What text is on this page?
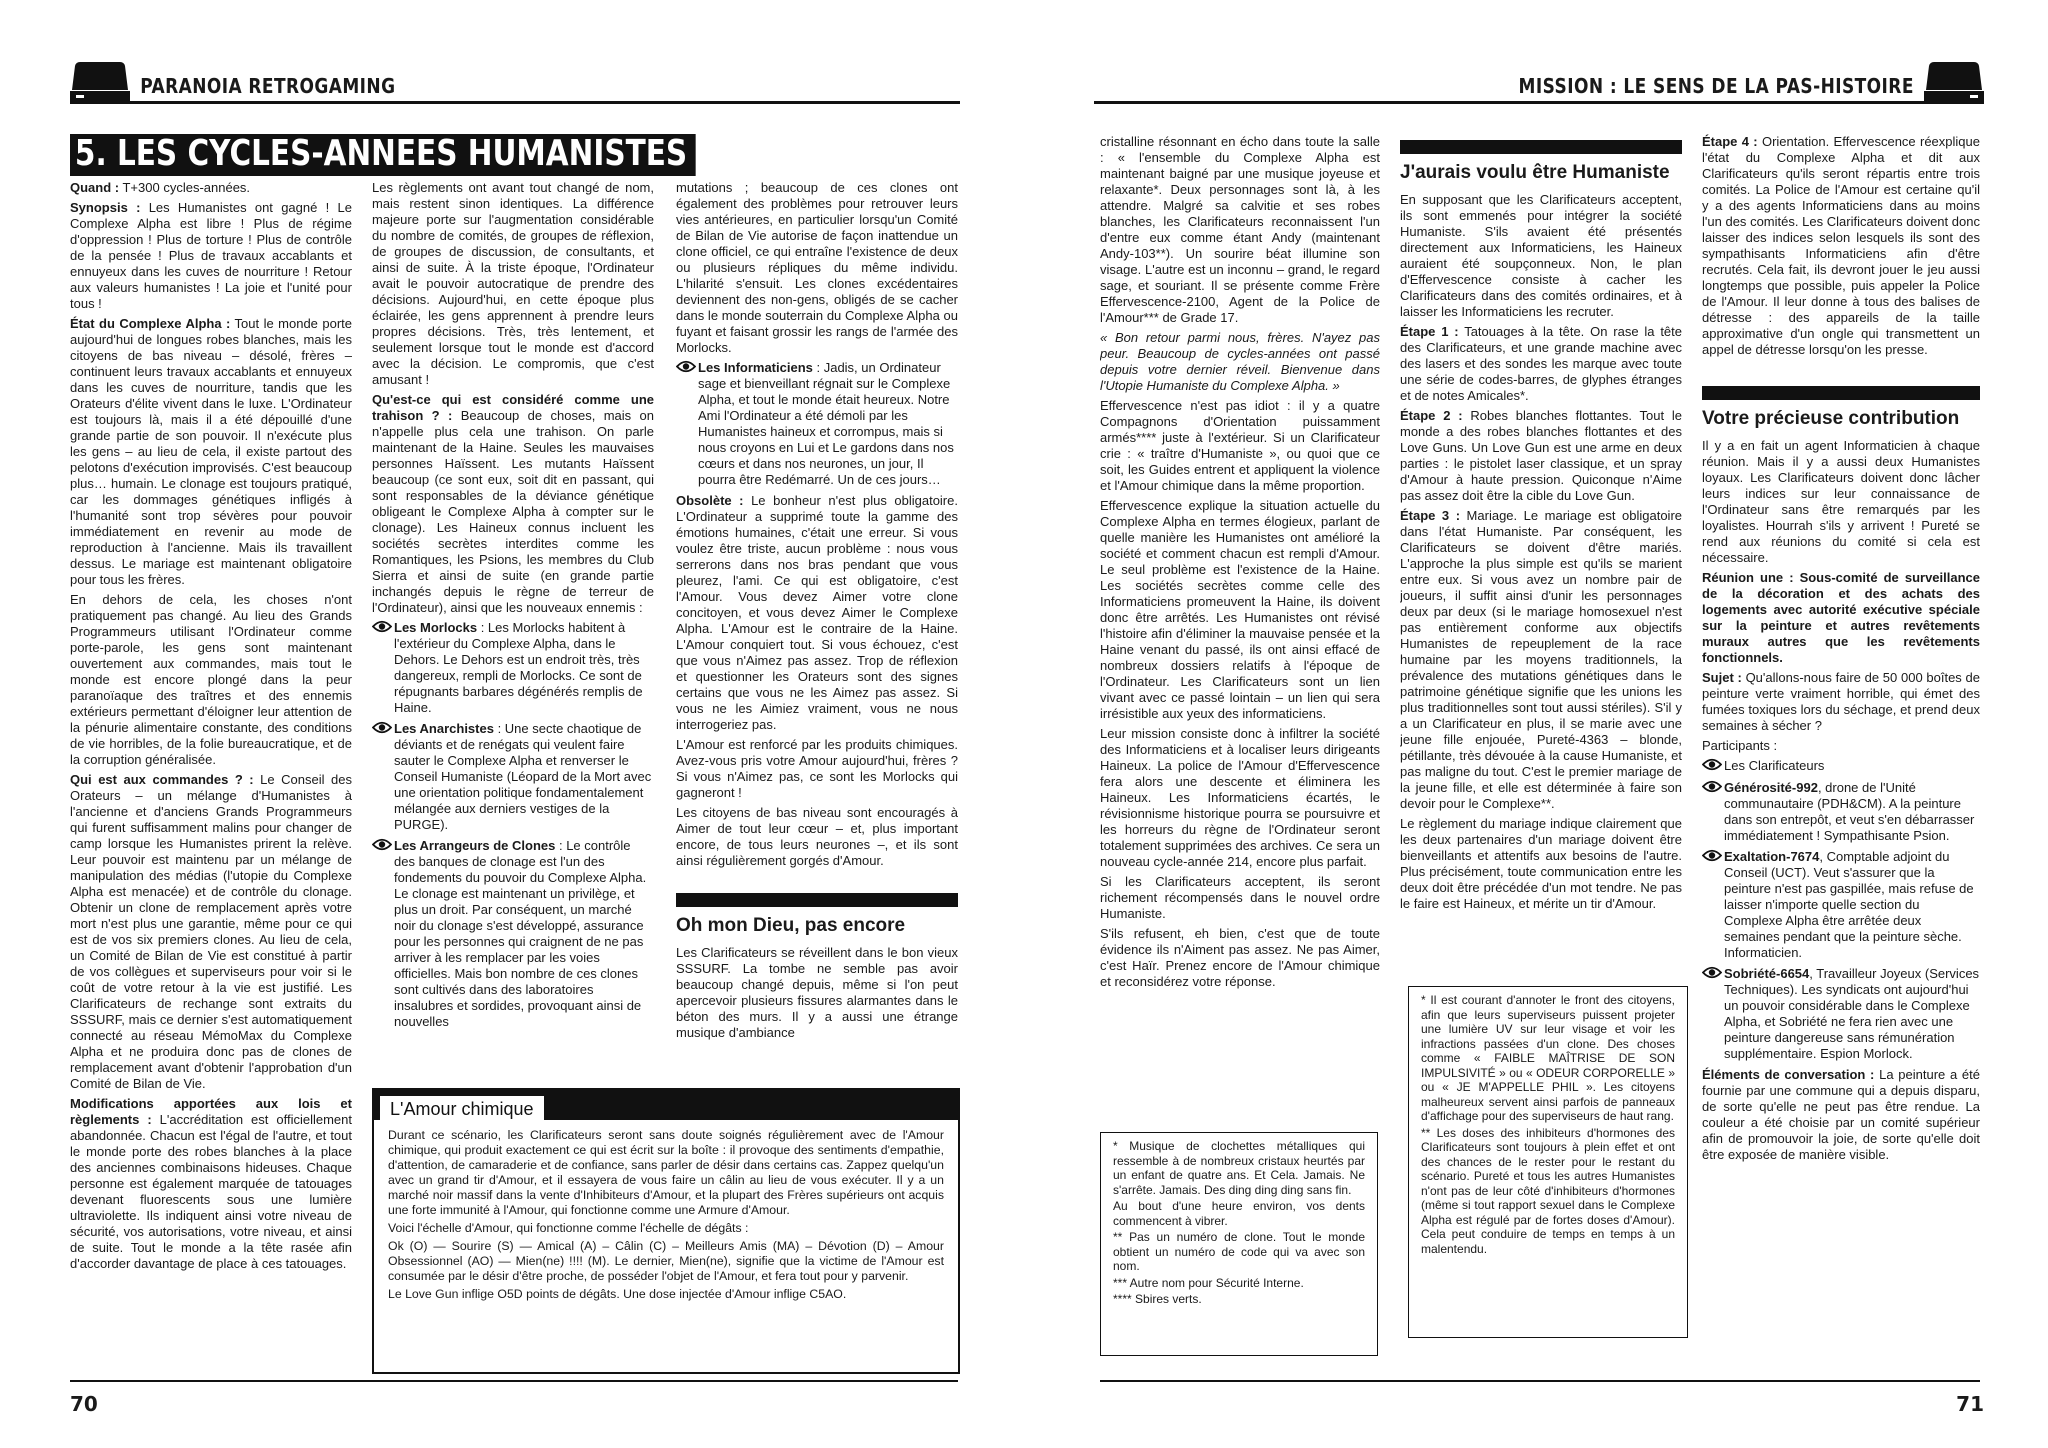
PARANOIA RETROGAMING
5. LES CYCLES-ANNEES HUMANISTES

Quand : T+300 cycles-années.

Synopsis : Les Humanistes ont gagné ! Le Complexe Alpha est libre ! Plus de régime d'oppression ! Plus de torture ! Plus de contrôle de la pensée ! Plus de travaux accablants et ennuyeux dans les cuves de nourriture ! Retour aux valeurs humanistes ! La joie et l'unité pour tous !

État du Complexe Alpha : Tout le monde porte aujourd'hui de longues robes blanches, mais les citoyens de bas niveau – désolé, frères – continuent leurs travaux accablants et ennuyeux dans les cuves de nourriture, tandis que les Orateurs d'élite vivent dans le luxe. L'Ordinateur est toujours là, mais il a été dépouillé d'une grande partie de son pouvoir. Il n'exécute plus les gens – au lieu de cela, il existe partout des pelotons d'exécution improvisés. C'est beaucoup plus… humain. Le clonage est toujours pratiqué, car les dommages génétiques infligés à l'humanité sont trop sévères pour pouvoir immédiatement en revenir au mode de reproduction à l'ancienne. Mais ils travaillent dessus. Le mariage est maintenant obligatoire pour tous les frères.

En dehors de cela, les choses n'ont pratiquement pas changé. Au lieu des Grands Programmeurs utilisant l'Ordinateur comme porte-parole, les gens sont maintenant ouvertement aux commandes, mais tout le monde est encore plongé dans la peur paranoïaque des traîtres et des ennemis extérieurs permettant d'éloigner leur attention de la pénurie alimentaire constante, des conditions de vie horribles, de la folie bureaucratique, et de la corruption généralisée.

Qui est aux commandes ? : Le Conseil des Orateurs – un mélange d'Humanistes à l'ancienne et d'anciens Grands Programmeurs qui furent suffisamment malins pour changer de camp lorsque les Humanistes prirent la relève. Leur pouvoir est maintenu par un mélange de manipulation des médias (l'utopie du Complexe Alpha est menacée) et de contrôle du clonage. Obtenir un clone de remplacement après votre mort n'est plus une garantie, même pour ce qui est de vos six premiers clones. Au lieu de cela, un Comité de Bilan de Vie est constitué à partir de vos collègues et superviseurs pour voir si le coût de votre retour à la vie est justifié. Les Clarificateurs de rechange sont extraits du SSSURF, mais ce dernier s'est automatiquement connecté au réseau MémoMax du Complexe Alpha et ne produira donc pas de clones de remplacement avant d'obtenir l'approbation d'un Comité de Bilan de Vie.

Modifications apportées aux lois et règlements : L'accréditation est officiellement abandonnée. Chacun est l'égal de l'autre, et tout le monde porte des robes blanches à la place des anciennes combinaisons hideuses. Chaque personne est également marquée de tatouages devenant fluorescents sous une lumière ultraviolette. Ils indiquent ainsi votre niveau de sécurité, vos autorisations, votre niveau, et ainsi de suite. Tout le monde a la tête rasée afin d'accorder davantage de place à ces tatouages.

Les règlements ont avant tout changé de nom, mais restent sinon identiques. La différence majeure porte sur l'augmentation considérable du nombre de comités, de groupes de réflexion, de groupes de discussion, de consultants, et ainsi de suite. À la triste époque, l'Ordinateur avait le pouvoir autocratique de prendre des décisions. Aujourd'hui, en cette époque plus éclairée, les gens apprennent à prendre leurs propres décisions. Très, très lentement, et seulement lorsque tout le monde est d'accord avec la décision. Le compromis, que c'est amusant !

Qu'est-ce qui est considéré comme une trahison ? : Beaucoup de choses, mais on n'appelle plus cela une trahison. On parle maintenant de la Haine. Seules les mauvaises personnes Haïssent. Les mutants Haïssent beaucoup (ce sont eux, soit dit en passant, qui sont responsables de la déviance génétique obligeant le Complexe Alpha à compter sur le clonage). Les Haineux connus incluent les sociétés secrètes interdites comme les Romantiques, les Psions, les membres du Club Sierra et ainsi de suite (en grande partie inchangés depuis le règne de terreur de l'Ordinateur), ainsi que les nouveaux ennemis :

Les Morlocks : Les Morlocks habitent à l'extérieur du Complexe Alpha, dans le Dehors. Le Dehors est un endroit très, très dangereux, rempli de Morlocks. Ce sont de répugnants barbares dégénérés remplis de Haine.
Les Anarchistes : Une secte chaotique de déviants et de renégats qui veulent faire sauter le Complexe Alpha et renverser le Conseil Humaniste (Léopard de la Mort avec une orientation politique fondamentalement mélangée aux derniers vestiges de la PURGE).
Les Arrangeurs de Clones : Le contrôle des banques de clonage est l'un des fondements du pouvoir du Complexe Alpha. Le clonage est maintenant un privilège, et plus un droit. Par conséquent, un marché noir du clonage s'est développé, assurance pour les personnes qui craignent de ne pas arriver à les remplacer par les voies officielles. Mais bon nombre de ces clones sont cultivés dans des laboratoires insalubres et sordides, provoquant ainsi de nouvelles

mutations ; beaucoup de ces clones ont également des problèmes pour retrouver leurs vies antérieures, en particulier lorsqu'un Comité de Bilan de Vie autorise de façon inattendue un clone officiel, ce qui entraîne l'existence de deux ou plusieurs répliques du même individu. L'hilarité s'ensuit. Les clones excédentaires deviennent des non-gens, obligés de se cacher dans le monde souterrain du Complexe Alpha ou fuyant et faisant grossir les rangs de l'armée des Morlocks.

Les Informaticiens : Jadis, un Ordinateur sage et bienveillant régnait sur le Complexe Alpha, et tout le monde était heureux. Notre Ami l'Ordinateur a été démoli par les Humanistes haineux et corrompus, mais si nous croyons en Lui et Le gardons dans nos cœurs et dans nos neurones, un jour, Il pourra être Redémarré. Un de ces jours…

Obsolète : Le bonheur n'est plus obligatoire. L'Ordinateur a supprimé toute la gamme des émotions humaines, c'était une erreur. Si vous voulez être triste, aucun problème : nous vous serrerons dans nos bras pendant que vous pleurez, l'ami. Ce qui est obligatoire, c'est l'Amour. Vous devez Aimer votre clone concitoyen, et vous devez Aimer le Complexe Alpha. L'Amour est le contraire de la Haine. L'Amour conquiert tout. Si vous échouez, c'est que vous n'Aimez pas assez. Trop de réflexion et questionner les Orateurs sont des signes certains que vous ne les Aimez pas assez. Si vous ne les Aimiez vraiment, vous ne nous interrogeriez pas.

L'Amour est renforcé par les produits chimiques. Avez-vous pris votre Amour aujourd'hui, frères ? Si vous n'Aimez pas, ce sont les Morlocks qui gagneront !

Les citoyens de bas niveau sont encouragés à Aimer de tout leur cœur – et, plus important encore, de tous leurs neurones –, et ils sont ainsi régulièrement gorgés d'Amour.

Oh mon Dieu, pas encore

Les Clarificateurs se réveillent dans le bon vieux SSSURF. La tombe ne semble pas avoir beaucoup changé depuis, même si l'on peut apercevoir plusieurs fissures alarmantes dans le béton des murs. Il y a aussi une étrange musique d'ambiance

L'Amour chimique

Durant ce scénario, les Clarificateurs seront sans doute soignés régulièrement avec de l'Amour chimique, qui produit exactement ce qui est écrit sur la boîte : il provoque des sentiments d'empathie, d'attention, de camaraderie et de confiance, sans parler de désir dans certains cas. Zappez quelqu'un avec un grand tir d'Amour, et il essayera de vous faire un câlin au lieu de vous exécuter. Il y a un marché noir massif dans la vente d'Inhibiteurs d'Amour, et la plupart des Frères supérieurs ont acquis une forte immunité à l'Amour, qui fonctionne comme une Armure d'Amour.

Voici l'échelle d'Amour, qui fonctionne comme l'échelle de dégâts :

Ok (O) — Sourire (S) — Amical (A) – Câlin (C) – Meilleurs Amis (MA) – Dévotion (D) – Amour Obsessionnel (AO) — Mien(ne) !!!! (M). Le dernier, Mien(ne), signifie que la victime de l'Amour est consumée par le désir d'être proche, de posséder l'objet de l'Amour, et fera tout pour y parvenir.

Le Love Gun inflige O5D points de dégâts. Une dose injectée d'Amour inflige C5AO.

70
MISSION : LE SENS DE LA PAS-HISTOIRE

cristalline résonnant en écho dans toute la salle : « l'ensemble du Complexe Alpha est maintenant baigné par une musique joyeuse et relaxante*. Deux personnages sont là, à les attendre. Malgré sa calvitie et ses robes blanches, les Clarificateurs reconnaissent l'un d'entre eux comme étant Andy (maintenant Andy-103**). Un sourire béat illumine son visage. L'autre est un inconnu – grand, le regard sage, et souriant. Il se présente comme Frère Effervescence-2100, Agent de la Police de l'Amour*** de Grade 17.

« Bon retour parmi nous, frères. N'ayez pas peur. Beaucoup de cycles-années ont passé depuis votre dernier réveil. Bienvenue dans l'Utopie Humaniste du Complexe Alpha. »

Effervescence n'est pas idiot : il y a quatre Compagnons d'Orientation puissamment armés**** juste à l'extérieur. Si un Clarificateur crie : « traître d'Humaniste », ou quoi que ce soit, les Guides entrent et appliquent la violence et l'Amour chimique dans la même proportion.

Effervescence explique la situation actuelle du Complexe Alpha en termes élogieux, parlant de quelle manière les Humanistes ont amélioré la société et comment chacun est rempli d'Amour. Le seul problème est l'existence de la Haine. Les sociétés secrètes comme celle des Informaticiens promeuvent la Haine, ils doivent donc être arrêtés. Les Humanistes ont révisé l'histoire afin d'éliminer la mauvaise pensée et la Haine venant du passé, ils ont ainsi effacé de nombreux dossiers relatifs à l'époque de l'Ordinateur. Les Clarificateurs sont un lien vivant avec ce passé lointain – un lien qui sera irrésistible aux yeux des informaticiens.

Leur mission consiste donc à infiltrer la société des Informaticiens et à localiser leurs dirigeants Haineux. La police de l'Amour d'Effervescence fera alors une descente et éliminera les Haineux. Les Informaticiens écartés, le révisionnisme historique pourra se poursuivre et les horreurs du règne de l'Ordinateur seront totalement supprimées des archives. Ce sera un nouveau cycle-année 214, encore plus parfait.

Si les Clarificateurs acceptent, ils seront richement récompensés dans le nouvel ordre Humaniste.

S'ils refusent, eh bien, c'est que de toute évidence ils n'Aiment pas assez. Ne pas Aimer, c'est Haïr. Prenez encore de l'Amour chimique et reconsidérez votre réponse.

* Musique de clochettes métalliques qui ressemble à de nombreux cristaux heurtés par un enfant de quatre ans. Et Cela. Jamais. Ne s'arrête. Jamais. Des ding ding ding sans fin.

Au bout d'une heure environ, vos dents commencent à vibrer.

** Pas un numéro de clone. Tout le monde obtient un numéro de code qui va avec son nom.

*** Autre nom pour Sécurité Interne.

**** Sbires verts.

J'aurais voulu être Humaniste

En supposant que les Clarificateurs acceptent, ils sont emmenés pour intégrer la société Humaniste. S'ils avaient été présentés directement aux Informaticiens, les Haineux auraient été soupçonneux. Non, le plan d'Effervescence consiste à cacher les Clarificateurs dans des comités ordinaires, et à laisser les Informaticiens les recruter.

Étape 1 : Tatouages à la tête. On rase la tête des Clarificateurs, et une grande machine avec des lasers et des sondes les marque avec toute une série de codes-barres, de glyphes étranges et de notes Amicales*.

Étape 2 : Robes blanches flottantes. Tout le monde a des robes blanches flottantes et des Love Guns. Un Love Gun est une arme en deux parties : le pistolet laser classique, et un spray d'Amour à haute pression. Quiconque n'Aime pas assez doit être la cible du Love Gun.

Étape 3 : Mariage. Le mariage est obligatoire dans l'état Humaniste. Par conséquent, les Clarificateurs se doivent d'être mariés. L'approche la plus simple est qu'ils se marient entre eux. Si vous avez un nombre pair de joueurs, il suffit ainsi d'unir les personnages deux par deux (si le mariage homosexuel n'est pas entièrement conforme aux objectifs Humanistes de repeuplement de la race humaine par les moyens traditionnels, la prévalence des mutations génétiques dans le patrimoine génétique signifie que les unions les plus traditionnelles sont tout aussi stériles). S'il y a un Clarificateur en plus, il se marie avec une jeune fille enjouée, Pureté-4363 – blonde, pétillante, très dévouée à la cause Humaniste, et pas maligne du tout. C'est le premier mariage de la jeune fille, et elle est déterminée à faire son devoir pour le Complexe**.

Le règlement du mariage indique clairement que les deux partenaires d'un mariage doivent être bienveillants et attentifs aux besoins de l'autre. Plus précisément, toute communication entre les deux doit être précédée d'un mot tendre. Ne pas le faire est Haineux, et mérite un tir d'Amour.

* Il est courant d'annoter le front des citoyens, afin que leurs superviseurs puissent projeter une lumière UV sur leur visage et voir les infractions passées d'un clone. Des choses comme « FAIBLE MAÎTRISE DE SON IMPULSIVITÉ » ou « ODEUR CORPORELLE » ou « JE M'APPELLE PHIL ». Les citoyens malheureux servent ainsi parfois de panneaux d'affichage pour des superviseurs de haut rang.

** Les doses des inhibiteurs d'hormones des Clarificateurs sont toujours à plein effet et ont des chances de le rester pour le restant du scénario. Pureté et tous les autres Humanistes n'ont pas de leur côté d'inhibiteurs d'hormones (même si tout rapport sexuel dans le Complexe Alpha est régulé par de fortes doses d'Amour). Cela peut conduire de temps en temps à un malentendu.

Étape 4 : Orientation. Effervescence réexplique l'état du Complexe Alpha et dit aux Clarificateurs qu'ils seront répartis entre trois comités. La Police de l'Amour est certaine qu'il y a des agents Informaticiens dans au moins l'un des comités. Les Clarificateurs doivent donc laisser des indices selon lesquels ils sont des sympathisants Informaticiens afin d'être recrutés. Cela fait, ils devront jouer le jeu aussi longtemps que possible, puis appeler la Police de l'Amour. Il leur donne à tous des balises de détresse : des appareils de la taille approximative d'un ongle qui transmettent un appel de détresse lorsqu'on les presse.

Votre précieuse contribution

Il y a en fait un agent Informaticien à chaque réunion. Mais il y a aussi deux Humanistes loyaux. Les Clarificateurs doivent donc lâcher leurs indices sur leur connaissance de l'Ordinateur sans être remarqués par les loyalistes. Hourrah s'ils y arrivent ! Pureté se rend aux réunions du comité si cela est nécessaire.

Réunion une : Sous-comité de surveillance de la décoration et des achats des logements avec autorité exécutive spéciale sur la peinture et autres revêtements muraux autres que les revêtements fonctionnels.

Sujet : Qu'allons-nous faire de 50 000 boîtes de peinture verte vraiment horrible, qui émet des fumées toxiques lors du séchage, et prend deux semaines à sécher ?

Participants :

Les Clarificateurs
Générosité-992, drone de l'Unité communautaire (PDH&CM). A la peinture dans son entrepôt, et veut s'en débarrasser immédiatement ! Sympathisante Psion.
Exaltation-7674, Comptable adjoint du Conseil (UCT). Veut s'assurer que la peinture n'est pas gaspillée, mais refuse de laisser n'importe quelle section du Complexe Alpha être arrêtée deux semaines pendant que la peinture sèche. Informaticien.
Sobriété-6654, Travailleur Joyeux (Services Techniques). Les syndicats ont aujourd'hui un pouvoir considérable dans le Complexe Alpha, et Sobriété ne fera rien avec une peinture dangereuse sans rémunération supplémentaire. Espion Morlock.

Éléments de conversation : La peinture a été fournie par une commune qui a depuis disparu, de sorte qu'elle ne peut pas être rendue. La couleur a été choisie par un comité supérieur afin de promouvoir la joie, de sorte qu'elle doit être exposée de manière visible.

71
